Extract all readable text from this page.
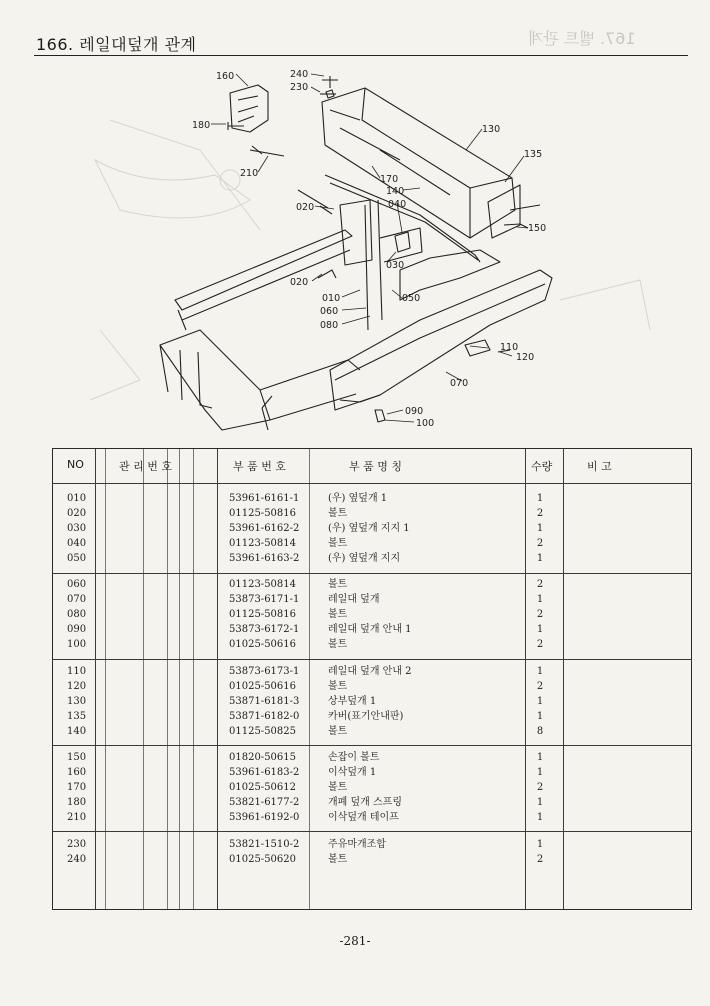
166. 레일대덮개 관계	167. 벨트 관계
160	240
230
180	130
210
135
170
140
020	040
150
030
020
010	050
060
080
110
120
070
090
100
NO	관 리 번 호	부 품 번 호	부 품 명 칭	수량	비 고
010	53961-6161-1	(우) 옆덮개 1	1
020	01125-50816	볼트	2
030	53961-6162-2	(우) 옆덮개 지지 1	1
040	01123-50814	볼트	2
050	53961-6163-2	(우) 옆덮개 지지	1
060	01123-50814	볼트	2
070	53873-6171-1	레일대 덮개	1
080	01125-50816	볼트	2
090	53873-6172-1	레일대 덮개 안내 1	1
100	01025-50616	볼트	2
110	53873-6173-1	레일대 덮개 안내 2	1
120	01025-50616	볼트	2
130	53871-6181-3	상부덮개 1	1
135	53871-6182-0	카버(표기안내판)	1
140	01125-50825	볼트	8
150	01820-50615	손잡이 볼트	1
160	53961-6183-2	이삭덮개 1	1
170	01025-50612	볼트	2
180	53821-6177-2	개폐 덮개 스프링	1
210	53961-6192-0	이삭덮개 테이프	1
230	53821-1510-2	주유마개조합	1
240	01025-50620	볼트	2
-281-
